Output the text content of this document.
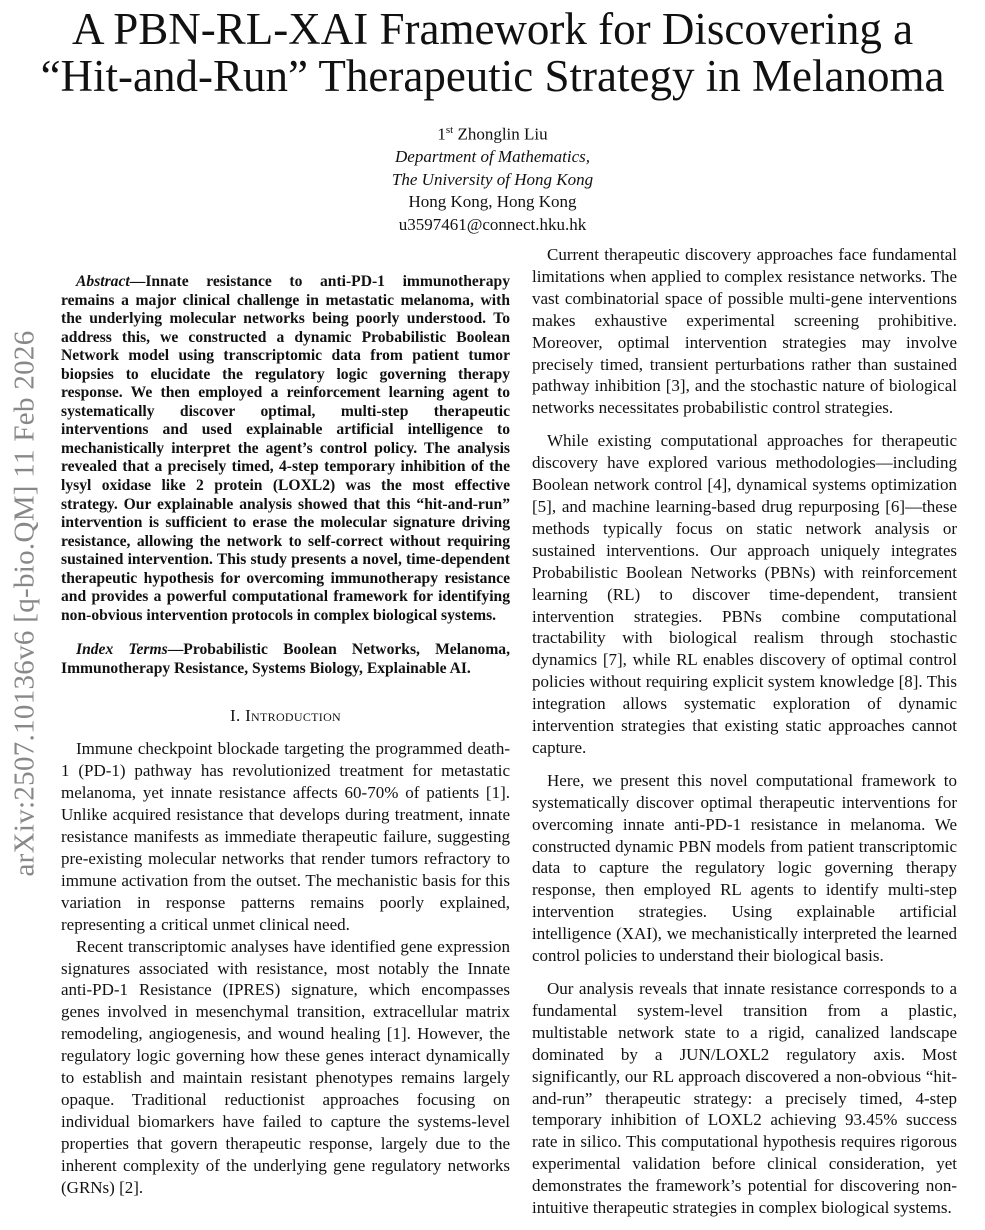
A PBN-RL-XAI Framework for Discovering a
“Hit-and-Run” Therapeutic Strategy in Melanoma
1st Zhonglin Liu
Department of Mathematics,
The University of Hong Kong
Hong Kong, Hong Kong
u3597461@connect.hku.hk
arXiv:2507.10136v6 [q-bio.QM] 11 Feb 2026

Abstract—Innate resistance to anti-PD-1 immunotherapy remains a major clinical challenge in metastatic melanoma, with the underlying molecular networks being poorly understood. To address this, we constructed a dynamic Probabilistic Boolean Network model using transcriptomic data from patient tumor biopsies to elucidate the regulatory logic governing therapy response. We then employed a reinforcement learning agent to systematically discover optimal, multi-step therapeutic interventions and used explainable artificial intelligence to mechanistically interpret the agent’s control policy. The analysis revealed that a precisely timed, 4-step temporary inhibition of the lysyl oxidase like 2 protein (LOXL2) was the most effective strategy. Our explainable analysis showed that this “hit-and-run” intervention is sufficient to erase the molecular signature driving resistance, allowing the network to self-correct without requiring sustained intervention. This study presents a novel, time-dependent therapeutic hypothesis for overcoming immunotherapy resistance and provides a powerful computational framework for identifying non-obvious intervention protocols in complex biological systems.

Index Terms—Probabilistic Boolean Networks, Melanoma, Immunotherapy Resistance, Systems Biology, Explainable AI.

I. Introduction

Immune checkpoint blockade targeting the programmed death-1 (PD-1) pathway has revolutionized treatment for metastatic melanoma, yet innate resistance affects 60-70% of patients [1]. Unlike acquired resistance that develops during treatment, innate resistance manifests as immediate therapeutic failure, suggesting pre-existing molecular networks that render tumors refractory to immune activation from the outset. The mechanistic basis for this variation in response patterns remains poorly explained, representing a critical unmet clinical need.

Recent transcriptomic analyses have identified gene expression signatures associated with resistance, most notably the Innate anti-PD-1 Resistance (IPRES) signature, which encompasses genes involved in mesenchymal transition, extracellular matrix remodeling, angiogenesis, and wound healing [1]. However, the regulatory logic governing how these genes interact dynamically to establish and maintain resistant phenotypes remains largely opaque. Traditional reductionist approaches focusing on individual biomarkers have failed to capture the systems-level properties that govern therapeutic response, largely due to the inherent complexity of the underlying gene regulatory networks (GRNs) [2].

Current therapeutic discovery approaches face fundamental limitations when applied to complex resistance networks. The vast combinatorial space of possible multi-gene interventions makes exhaustive experimental screening prohibitive. Moreover, optimal intervention strategies may involve precisely timed, transient perturbations rather than sustained pathway inhibition [3], and the stochastic nature of biological networks necessitates probabilistic control strategies.

While existing computational approaches for therapeutic discovery have explored various methodologies—including Boolean network control [4], dynamical systems optimization [5], and machine learning-based drug repurposing [6]—these methods typically focus on static network analysis or sustained interventions. Our approach uniquely integrates Probabilistic Boolean Networks (PBNs) with reinforcement learning (RL) to discover time-dependent, transient intervention strategies. PBNs combine computational tractability with biological realism through stochastic dynamics [7], while RL enables discovery of optimal control policies without requiring explicit system knowledge [8]. This integration allows systematic exploration of dynamic intervention strategies that existing static approaches cannot capture.

Here, we present this novel computational framework to systematically discover optimal therapeutic interventions for overcoming innate anti-PD-1 resistance in melanoma. We constructed dynamic PBN models from patient transcriptomic data to capture the regulatory logic governing therapy response, then employed RL agents to identify multi-step intervention strategies. Using explainable artificial intelligence (XAI), we mechanistically interpreted the learned control policies to understand their biological basis.

Our analysis reveals that innate resistance corresponds to a fundamental system-level transition from a plastic, multistable network state to a rigid, canalized landscape dominated by a JUN/LOXL2 regulatory axis. Most significantly, our RL approach discovered a non-obvious “hit-and-run” therapeutic strategy: a precisely timed, 4-step temporary inhibition of LOXL2 achieving 93.45% success rate in silico. This computational hypothesis requires rigorous experimental validation before clinical consideration, yet demonstrates the framework’s potential for discovering non-intuitive therapeutic strategies in complex biological systems.
